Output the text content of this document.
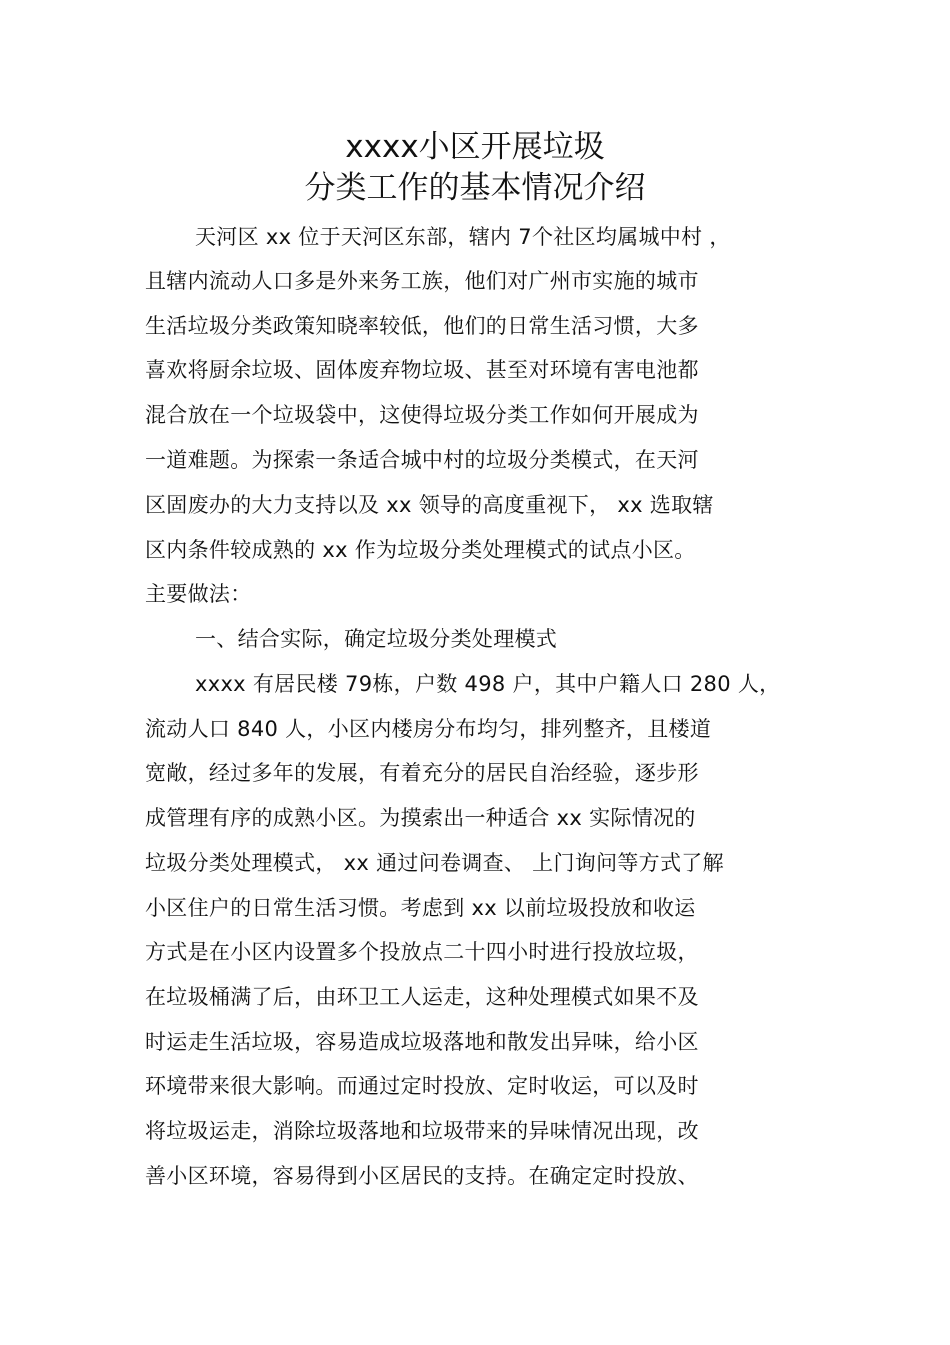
xxxx小区开展垃圾
分类工作的基本情况介绍
天河区 xx 位于天河区东部，辖内 7个社区均属城中村 ，
且辖内流动人口多是外来务工族，他们对广州市实施的城市
生活垃圾分类政策知晓率较低，他们的日常生活习惯，大多
喜欢将厨余垃圾、固体废弃物垃圾、甚至对环境有害电池都
混合放在一个垃圾袋中，这使得垃圾分类工作如何开展成为
一道难题。为探索一条适合城中村的垃圾分类模式，在天河
区固废办的大力支持以及 xx 领导的高度重视下， xx 选取辖
区内条件较成熟的 xx 作为垃圾分类处理模式的试点小区。
主要做法：
一、结合实际，确定垃圾分类处理模式
xxxx 有居民楼 79栋，户数 498 户，其中户籍人口 280 人，
流动人口 840 人，小区内楼房分布均匀，排列整齐，且楼道
宽敞，经过多年的发展，有着充分的居民自治经验，逐步形
成管理有序的成熟小区。为摸索出一种适合 xx 实际情况的
垃圾分类处理模式， xx 通过问卷调查、 上门询问等方式了解
小区住户的日常生活习惯。考虑到 xx 以前垃圾投放和收运
方式是在小区内设置多个投放点二十四小时进行投放垃圾，
在垃圾桶满了后，由环卫工人运走，这种处理模式如果不及
时运走生活垃圾，容易造成垃圾落地和散发出异味，给小区
环境带来很大影响。而通过定时投放、定时收运，可以及时
将垃圾运走，消除垃圾落地和垃圾带来的异味情况出现，改
善小区环境，容易得到小区居民的支持。在确定定时投放、
